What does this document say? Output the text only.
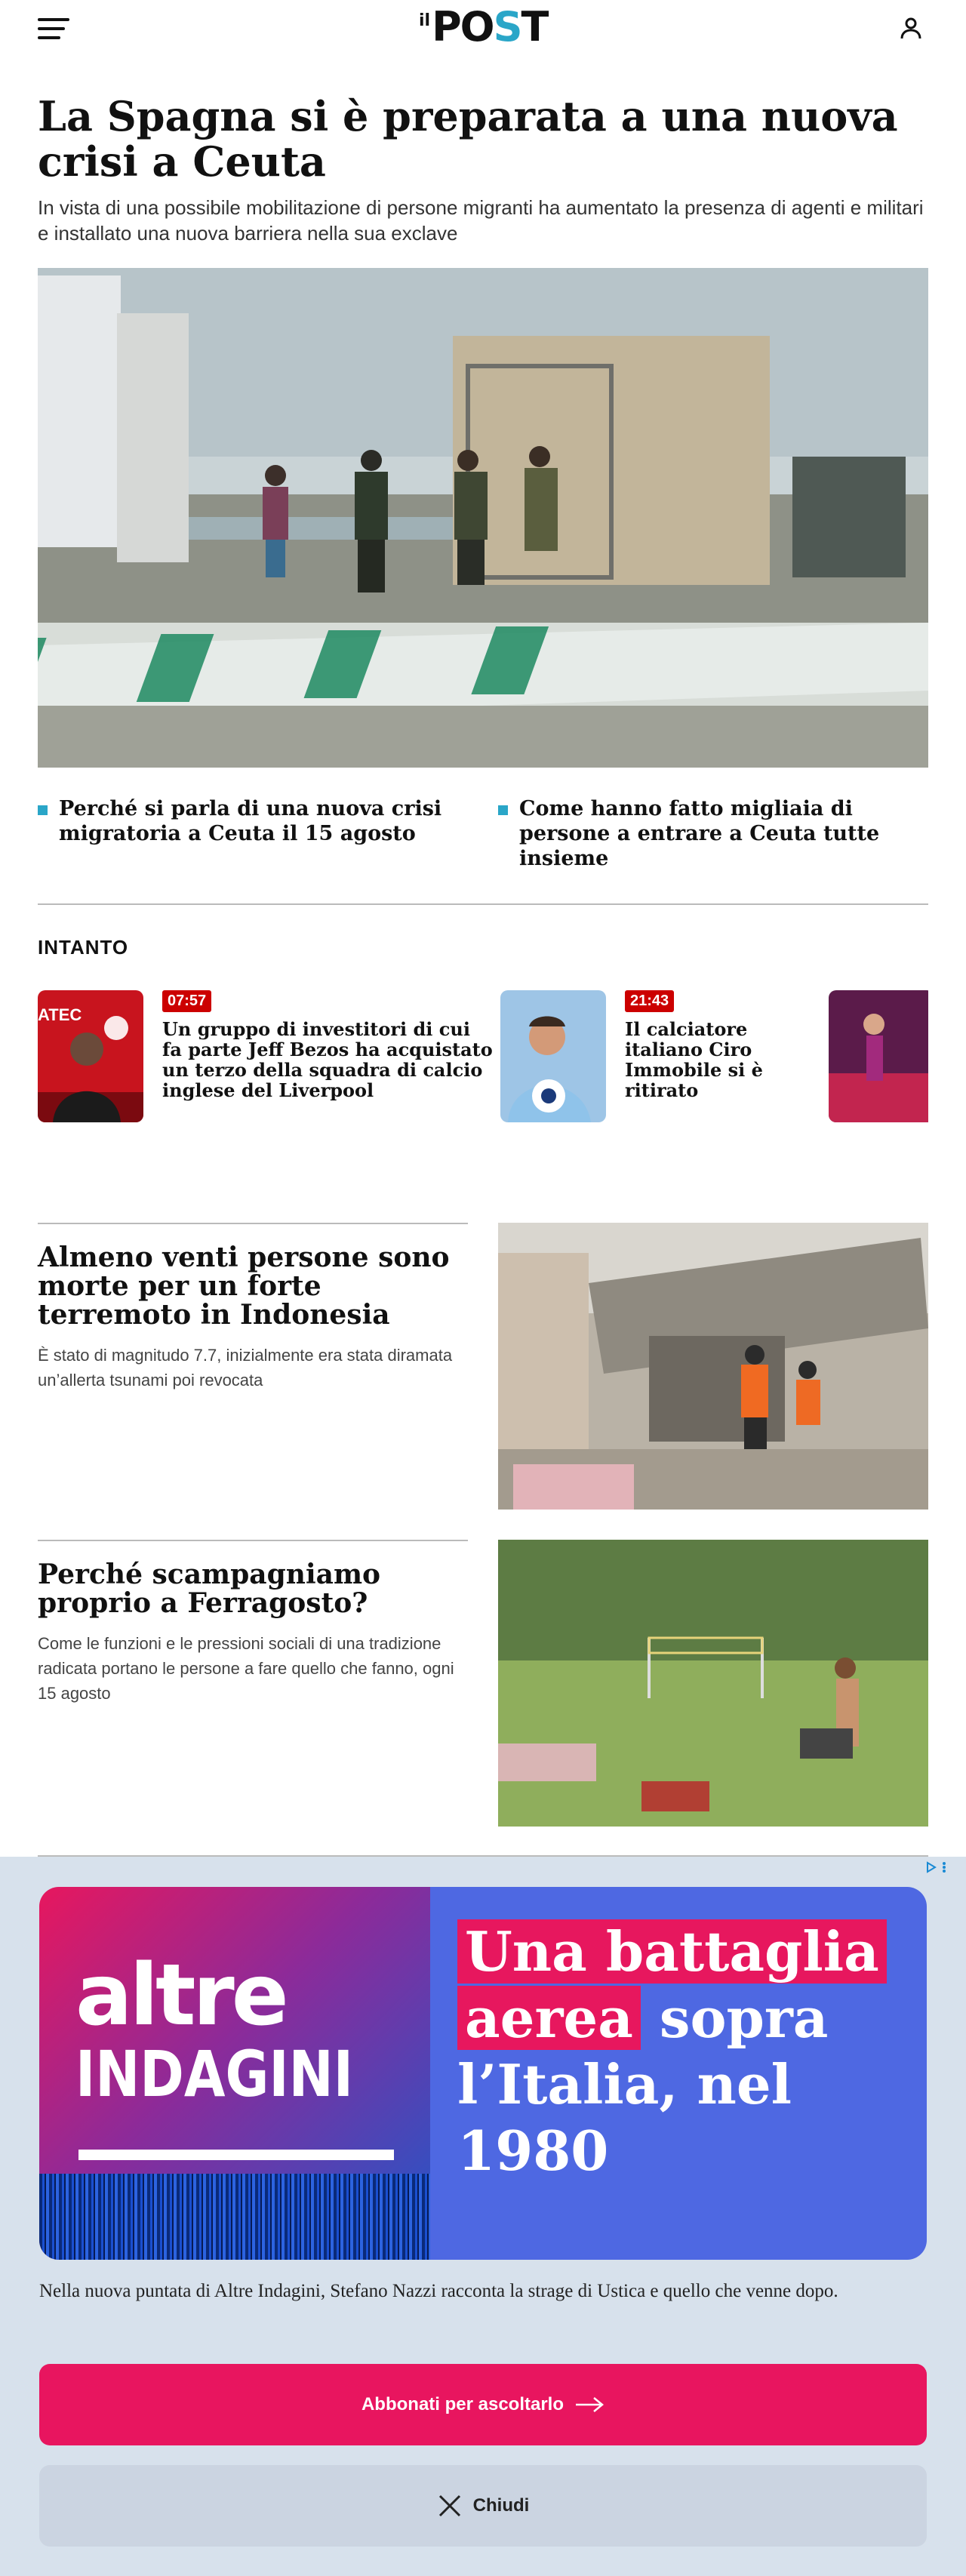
il POST
La Spagna si è preparata a una nuova crisi a Ceuta

In vista di una possibile mobilitazione di persone migranti ha aumentato la presenza di agenti e militari e installato una nuova barriera nella sua exclave

Perché si parla di una nuova crisi migratoria a Ceuta il 15 agosto
Come hanno fatto migliaia di persone a entrare a Ceuta tutte insieme
INTANTO
ATEC
07:57
Un gruppo di investitori di cui fa parte Jeff Bezos ha acquistato un terzo della squadra di calcio inglese del Liverpool
21:43
Il calciatore italiano Ciro Immobile si è ritirato
Almeno venti persone sono morte per un forte terremoto in Indonesia
È stato di magnitudo 7.7, inizialmente era stata diramata un’allerta tsunami poi revocata
Perché scampagniamo proprio a Ferragosto?
Come le funzioni e le pressioni sociali di una tradizione radicata portano le persone a fare quello che fanno, ogni 15 agosto
altre
INDAGINI
Una battaglia
aerea sopra
l’Italia, nel
1980

Nella nuova puntata di Altre Indagini, Stefano Nazzi racconta la strage di Ustica e quello che venne dopo.

Abbonati per ascoltarlo
Chiudi
